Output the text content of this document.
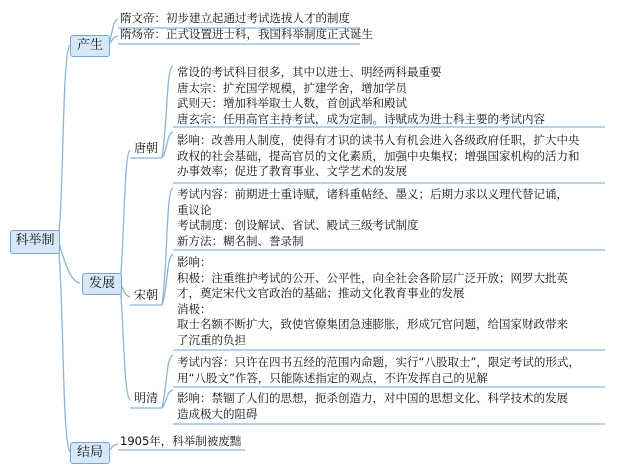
科举制
产生
发展
结局
隋文帝：初步建立起通过考试选拔人才的制度
隋炀帝：正式设置进士科，我国科举制度正式诞生
唐朝
宋朝
明清
常设的考试科目很多，其中以进士、明经两科最重要
唐太宗：扩充国学规模，扩建学舍，增加学员
武则天：增加科举取士人数，首创武举和殿试
唐玄宗：任用高官主持考试，成为定制。诗赋成为进士科主要的考试内容
影响：改善用人制度，使得有才识的读书人有机会进入各级政府任职，扩大中央
政权的社会基础，提高官员的文化素质，加强中央集权；增强国家机构的活力和
办事效率；促进了教育事业、文学艺术的发展
考试内容：前期进士重诗赋，诸科重帖经、墨义；后期力求以义理代替记诵，
重议论
考试制度：创设解试、省试、殿试三级考试制度
新方法：糊名制、誊录制
影响：
积极：注重维护考试的公开、公平性，向全社会各阶层广泛开放；网罗大批英
才，奠定宋代文官政治的基础；推动文化教育事业的发展
消极：
取士名额不断扩大，致使官僚集团急速膨胀，形成冗官问题，给国家财政带来
了沉重的负担
考试内容：只许在四书五经的范围内命题，实行“八股取士”，限定考试的形式，
用“八股文”作答，只能陈述指定的观点，不许发挥自己的见解
影响：禁锢了人们的思想，扼杀创造力，对中国的思想文化、科学技术的发展
造成极大的阻碍
1905年，科举制被废黜
